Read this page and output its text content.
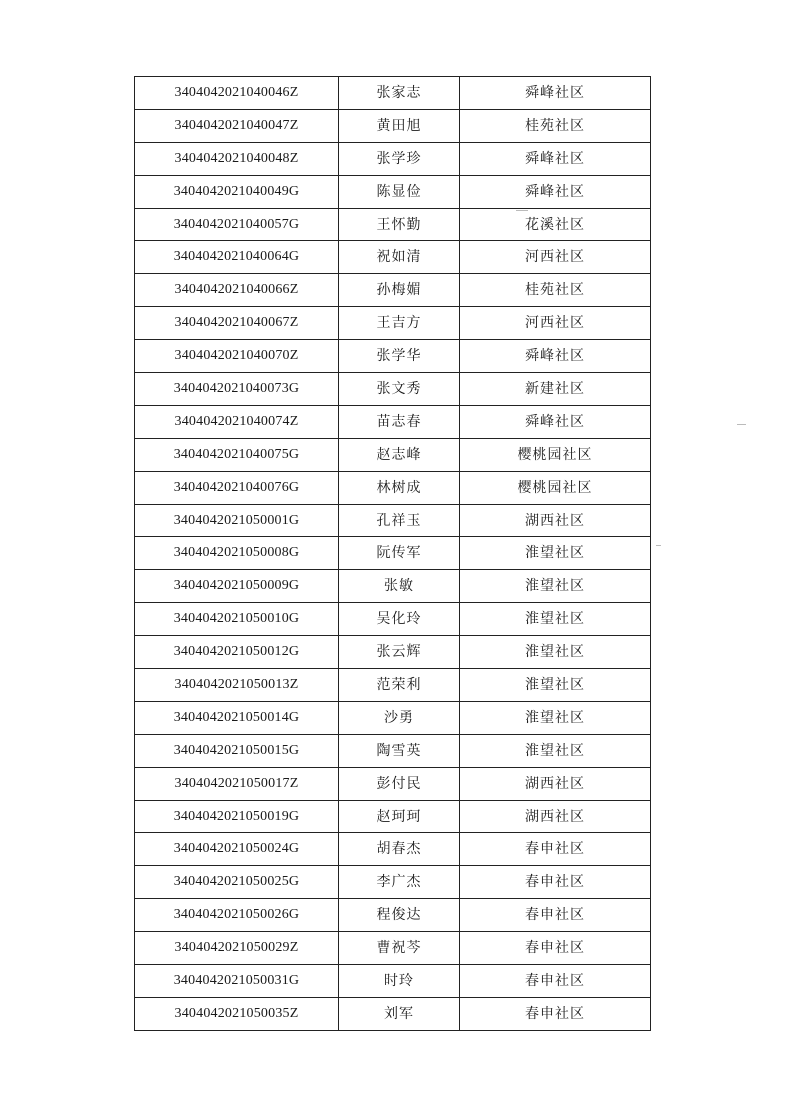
3404042021040046Z	张家志	舜峰社区
3404042021040047Z	黄田旭	桂苑社区
3404042021040048Z	张学珍	舜峰社区
3404042021040049G	陈显俭	舜峰社区
3404042021040057G	王怀勤	花溪社区
3404042021040064G	祝如清	河西社区
3404042021040066Z	孙梅媚	桂苑社区
3404042021040067Z	王吉方	河西社区
3404042021040070Z	张学华	舜峰社区
3404042021040073G	张文秀	新建社区
3404042021040074Z	苗志春	舜峰社区
3404042021040075G	赵志峰	樱桃园社区
3404042021040076G	林树成	樱桃园社区
3404042021050001G	孔祥玉	湖西社区
3404042021050008G	阮传军	淮望社区
3404042021050009G	张敏	淮望社区
3404042021050010G	吴化玲	淮望社区
3404042021050012G	张云辉	淮望社区
3404042021050013Z	范荣利	淮望社区
3404042021050014G	沙勇	淮望社区
3404042021050015G	陶雪英	淮望社区
3404042021050017Z	彭付民	湖西社区
3404042021050019G	赵珂珂	湖西社区
3404042021050024G	胡春杰	春申社区
3404042021050025G	李广杰	春申社区
3404042021050026G	程俊达	春申社区
3404042021050029Z	曹祝芩	春申社区
3404042021050031G	时玲	春申社区
3404042021050035Z	刘军	春申社区
